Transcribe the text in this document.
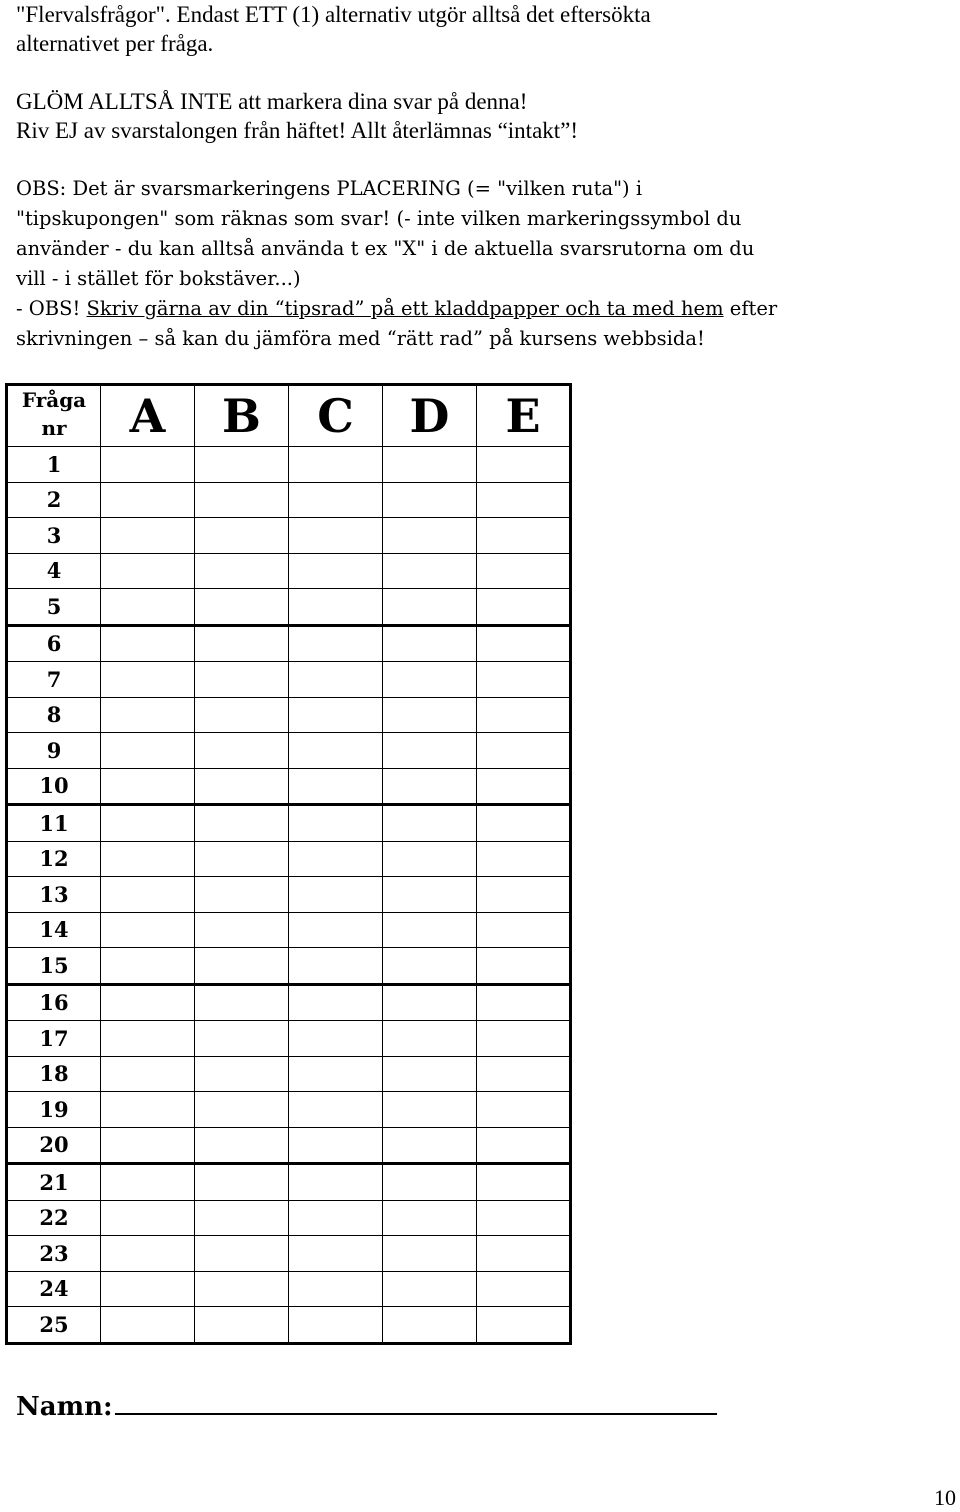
"Flervalsfrågor". Endast ETT (1) alternativ utgör alltså det eftersökta

alternativet per fråga.

GLÖM ALLTSÅ INTE att markera dina svar på denna!

Riv EJ av svarstalongen från häftet! Allt återlämnas “intakt”!

OBS: Det är svarsmarkeringens PLACERING (= "vilken ruta") i

"tipskupongen" som räknas som svar! (- inte vilken markeringssymbol du

använder - du kan alltså använda t ex "X" i de aktuella svarsrutorna om du

vill - i stället för bokstäver...)

- OBS! Skriv gärna av din “tipsrad” på ett kladdpapper och ta med hem efter

skrivningen – så kan du jämföra med “rätt rad” på kursens webbsida!

Fråga
nr	A	B	C	D	E
1					
2					
3					
4					
5					
6					
7					
8					
9					
10					
11					
12					
13					
14					
15					
16					
17					
18					
19					
20					
21					
22					
23					
24					
25					
Namn:
10
